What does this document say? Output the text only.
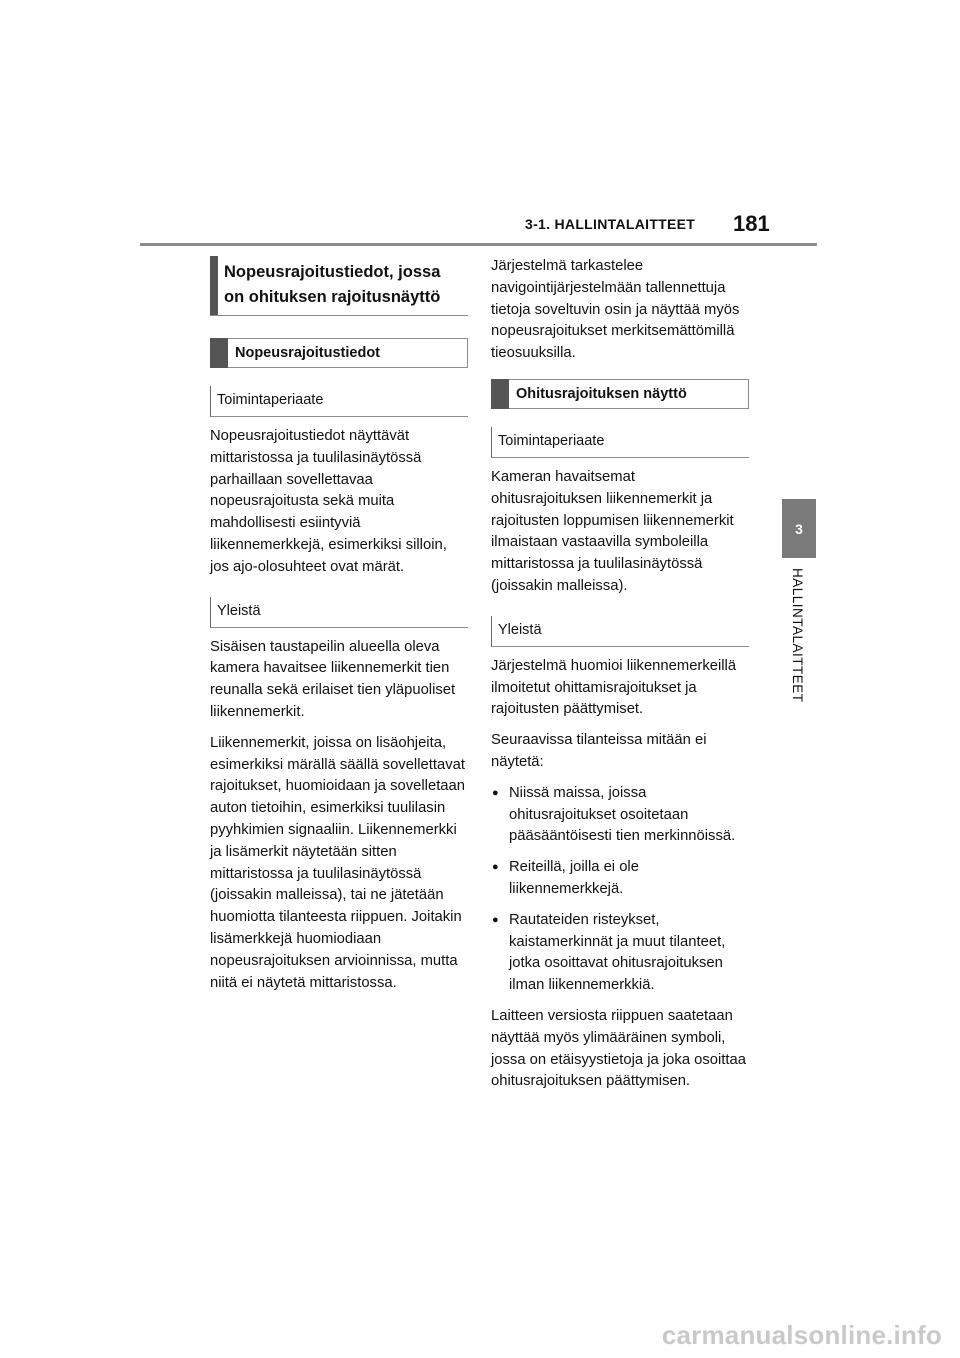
3-1. HALLINTALAITTEET 181
3
HALLINTALAITTEET
Nopeusrajoitustiedot, jossa
on ohituksen rajoitusnäyttö
Nopeusrajoitustiedot
Toimintaperiaate

Nopeusrajoitustiedot näyttävät mittaristossa ja tuulilasinäytössä parhaillaan sovellettavaa nopeusrajoitusta sekä muita mahdollisesti esiintyviä liikennemerkkejä, esimerkiksi silloin, jos ajo-olosuhteet ovat märät.

Yleistä

Sisäisen taustapeilin alueella oleva kamera havaitsee liikennemerkit tien reunalla sekä erilaiset tien yläpuoliset liikennemerkit.

Liikennemerkit, joissa on lisäohjeita, esimerkiksi märällä säällä sovellettavat rajoitukset, huomioidaan ja sovelletaan auton tietoihin, esimerkiksi tuulilasin pyyhkimien signaaliin. Liikennemerkki ja lisämerkit näytetään sitten mittaristossa ja tuulilasinäytössä (joissakin malleissa), tai ne jätetään huomiotta tilanteesta riippuen. Joitakin lisämerkkejä huomiodiaan nopeusrajoituksen arvioinnissa, mutta niitä ei näytetä mittaristossa.

Järjestelmä tarkastelee navigointijärjestelmään tallennettuja tietoja soveltuvin osin ja näyttää myös nopeusrajoitukset merkitsemättömillä tieosuuksilla.

Ohitusrajoituksen näyttö
Toimintaperiaate

Kameran havaitsemat ohitusrajoituksen liikennemerkit ja rajoitusten loppumisen liikennemerkit ilmaistaan vastaavilla symboleilla mittaristossa ja tuulilasinäytössä (joissakin malleissa).

Yleistä

Järjestelmä huomioi liikennemerkeillä ilmoitetut ohittamisrajoitukset ja rajoitusten päättymiset.

Seuraavissa tilanteissa mitään ei näytetä:

● Niissä maissa, joissa ohitusrajoitukset osoitetaan pääsääntöisesti tien merkinnöissä.
● Reiteillä, joilla ei ole liikennemerkkejä.
● Rautateiden risteykset, kaistamerkinnät ja muut tilanteet, jotka osoittavat ohitusrajoituksen ilman liikennemerkkiä.

Laitteen versiosta riippuen saatetaan näyttää myös ylimääräinen symboli, jossa on etäisyystietoja ja joka osoittaa ohitusrajoituksen päättymisen.

carmanualsonline.info
